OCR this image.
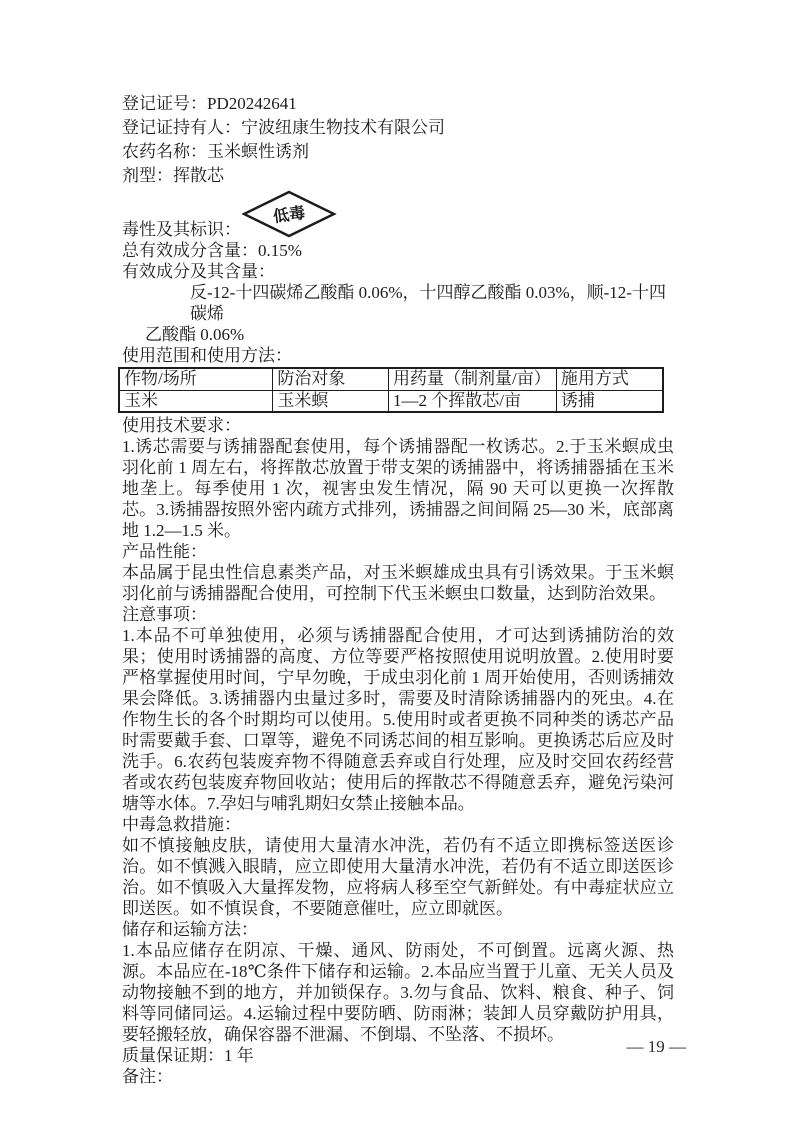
登记证号：PD20242641
登记证持有人：宁波纽康生物技术有限公司
农药名称：玉米螟性诱剂
剂型：挥散芯
毒性及其标识：
低毒
总有效成分含量：0.15%
有效成分及其含量：
反-12-十四碳烯乙酸酯 0.06%，十四醇乙酸酯 0.03%，顺-12-十四碳烯
乙酸酯 0.06%
使用范围和使用方法：
作物/场所	防治对象	用药量（制剂量/亩）	施用方式
玉米	玉米螟	1—2 个挥散芯/亩	诱捕
使用技术要求：
1.诱芯需要与诱捕器配套使用，每个诱捕器配一枚诱芯。2.于玉米螟成虫羽化前 1 周左右，将挥散芯放置于带支架的诱捕器中，将诱捕器插在玉米地垄上。每季使用 1 次，视害虫发生情况，隔 90 天可以更换一次挥散芯。3.诱捕器按照外密内疏方式排列，诱捕器之间间隔 25—30 米，底部离地 1.2—1.5 米。
产品性能：
本品属于昆虫性信息素类产品，对玉米螟雄成虫具有引诱效果。于玉米螟羽化前与诱捕器配合使用，可控制下代玉米螟虫口数量，达到防治效果。
注意事项：
1.本品不可单独使用，必须与诱捕器配合使用，才可达到诱捕防治的效果；使用时诱捕器的高度、方位等要严格按照使用说明放置。2.使用时要严格掌握使用时间，宁早勿晚，于成虫羽化前 1 周开始使用，否则诱捕效果会降低。3.诱捕器内虫量过多时，需要及时清除诱捕器内的死虫。4.在作物生长的各个时期均可以使用。5.使用时或者更换不同种类的诱芯产品时需要戴手套、口罩等，避免不同诱芯间的相互影响。更换诱芯后应及时洗手。6.农药包装废弃物不得随意丢弃或自行处理，应及时交回农药经营者或农药包装废弃物回收站；使用后的挥散芯不得随意丢弃，避免污染河塘等水体。7.孕妇与哺乳期妇女禁止接触本品。
中毒急救措施：
如不慎接触皮肤，请使用大量清水冲洗，若仍有不适立即携标签送医诊治。如不慎溅入眼睛，应立即使用大量清水冲洗，若仍有不适立即送医诊治。如不慎吸入大量挥发物，应将病人移至空气新鲜处。有中毒症状应立即送医。如不慎误食，不要随意催吐，应立即就医。
储存和运输方法：
1.本品应储存在阴凉、干燥、通风、防雨处，不可倒置。远离火源、热源。本品应在-18℃条件下储存和运输。2.本品应当置于儿童、无关人员及动物接触不到的地方，并加锁保存。3.勿与食品、饮料、粮食、种子、饲料等同储同运。4.运输过程中要防晒、防雨淋；装卸人员穿戴防护用具，要轻搬轻放，确保容器不泄漏、不倒塌、不坠落、不损坏。
质量保证期：1 年
备注：
— 19 —
